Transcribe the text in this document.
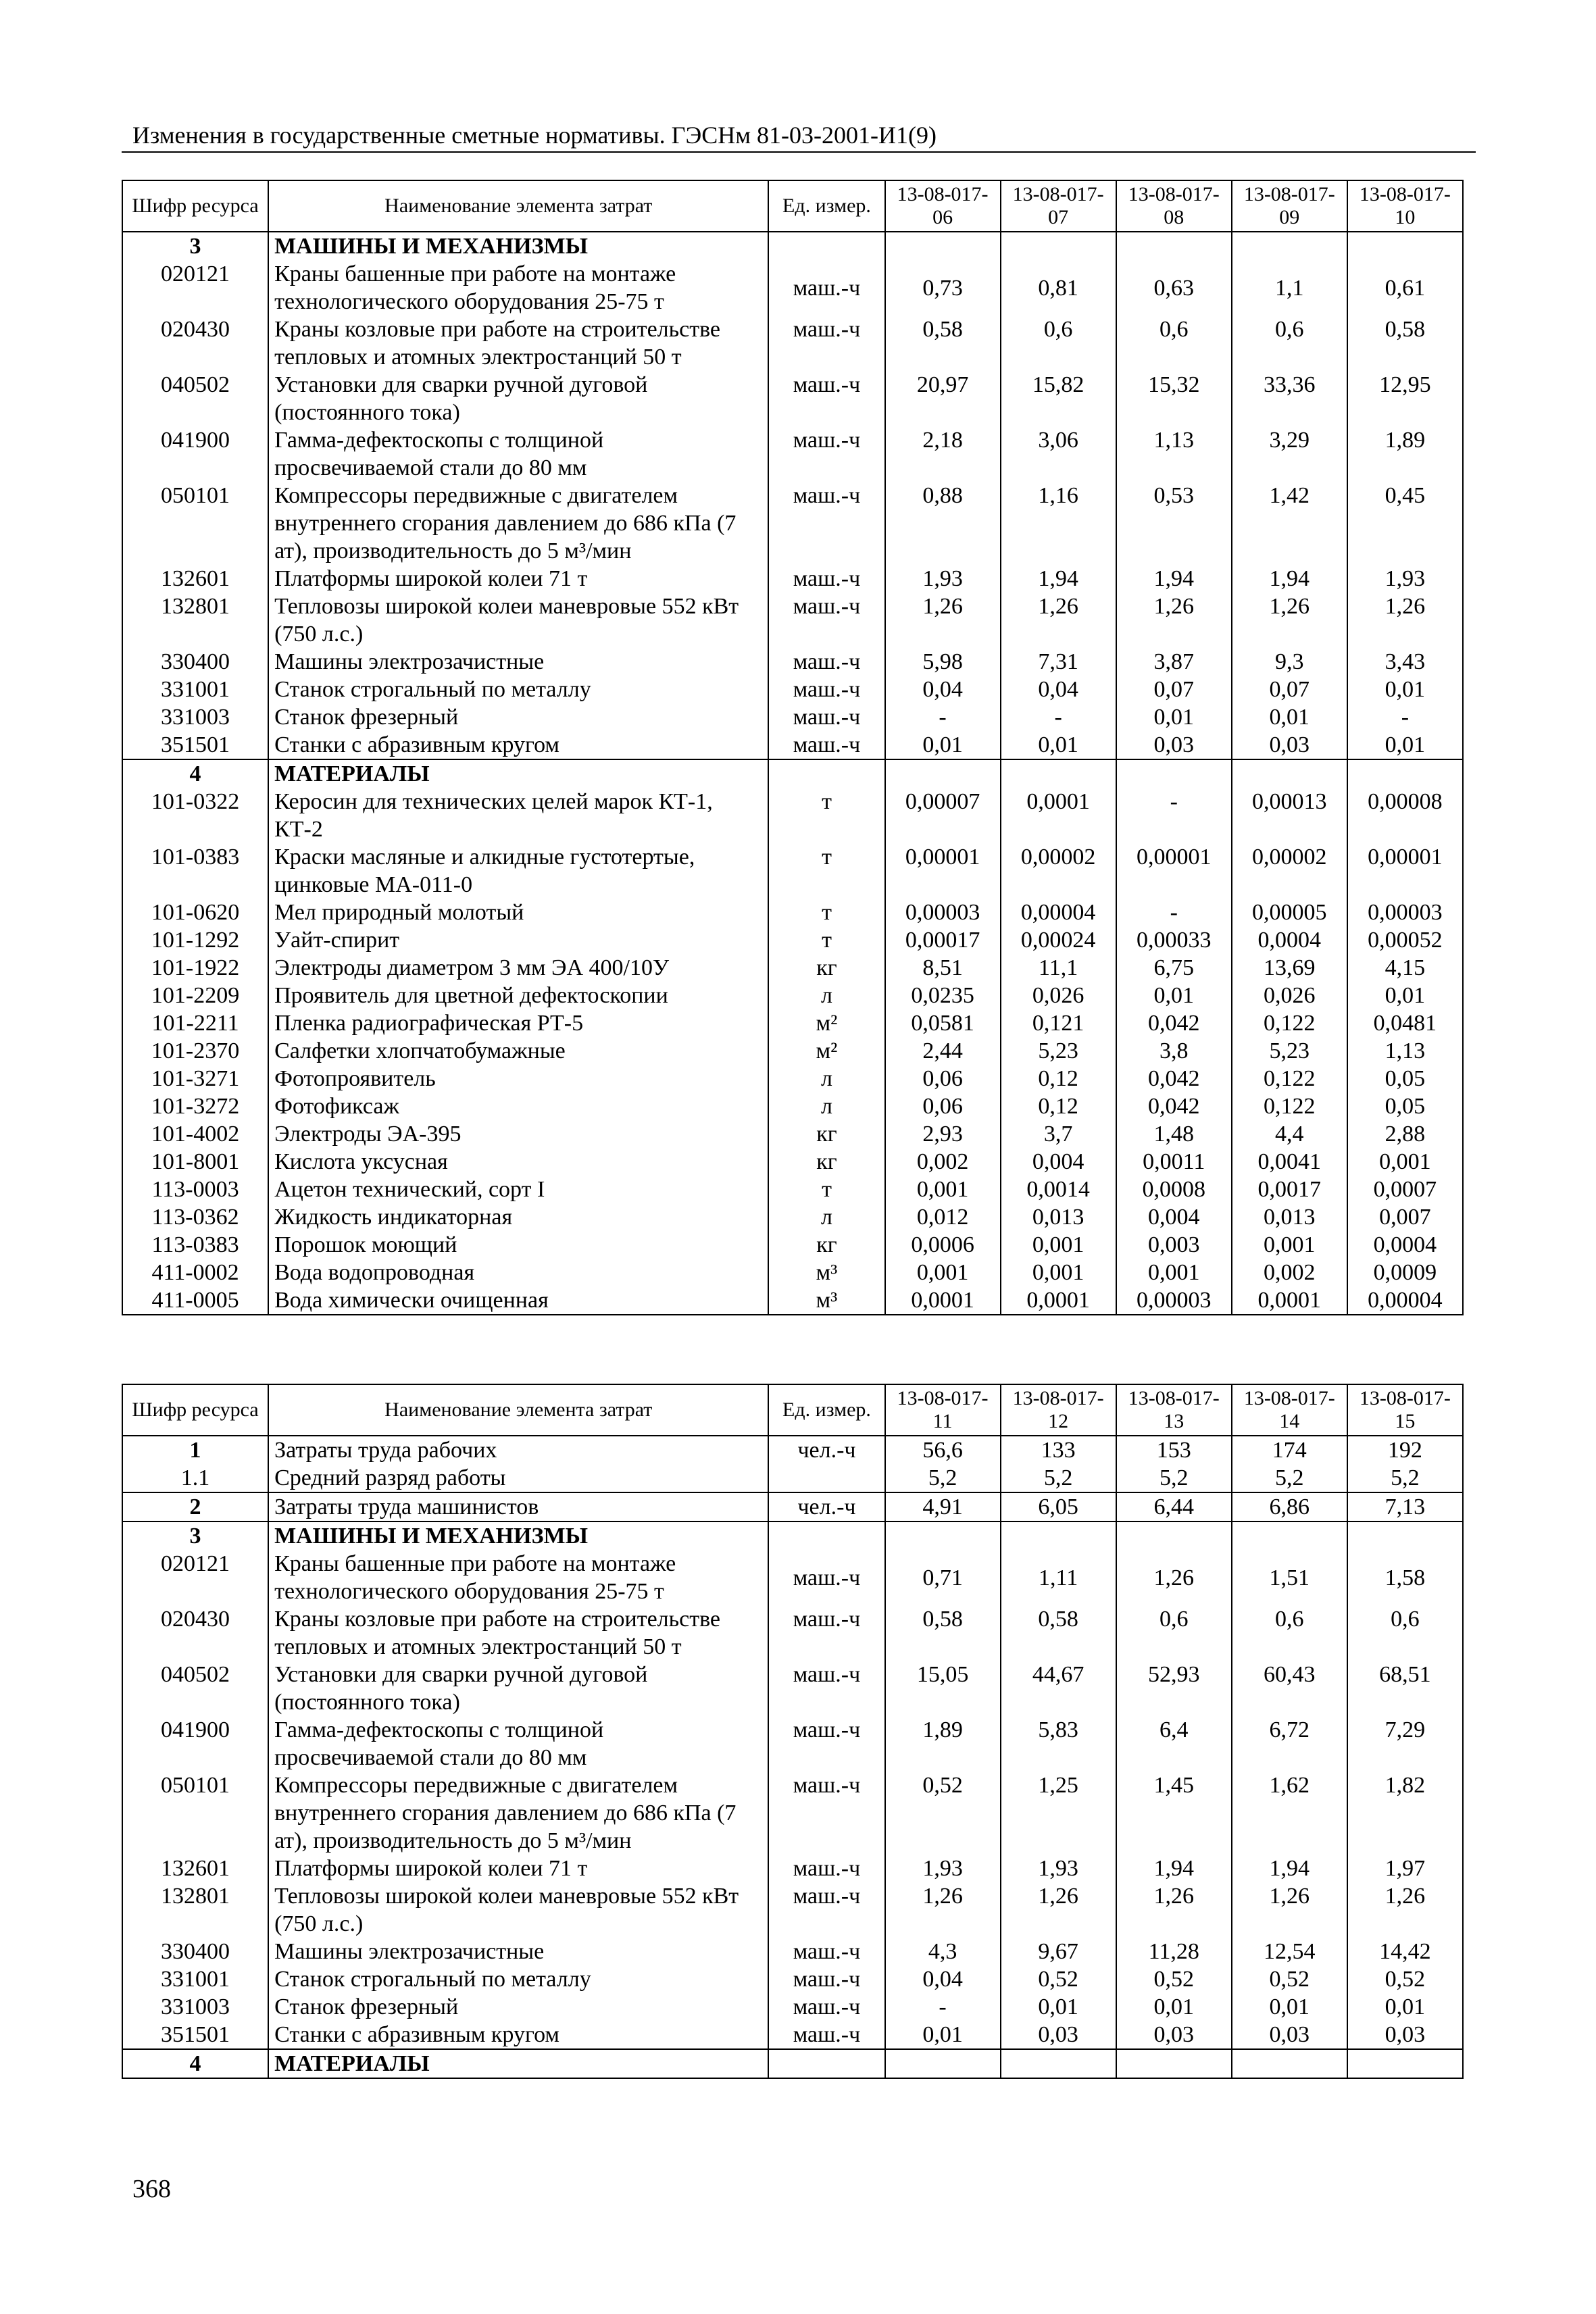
Изменения в государственные сметные нормативы. ГЭСНм 81-03-2001-И1(9)
Шифр ресурса	Наименование элемента затрат	Ед. измер.	13-08-017-06	13-08-017-07	13-08-017-08	13-08-017-09	13-08-017-10
3	МАШИНЫ И МЕХАНИЗМЫ						
020121	Краны башенные при работе на монтаже технологического оборудования 25-75 т	маш.-ч	0,73	0,81	0,63	1,1	0,61
020430	Краны козловые при работе на строительстве тепловых и атомных электростанций 50 т	маш.-ч	0,58	0,6	0,6	0,6	0,58
040502	Установки для сварки ручной дуговой (постоянного тока)	маш.-ч	20,97	15,82	15,32	33,36	12,95
041900	Гамма-дефектоскопы с толщиной просвечиваемой стали до 80 мм	маш.-ч	2,18	3,06	1,13	3,29	1,89
050101	Компрессоры передвижные с двигателем внутреннего сгорания давлением до 686 кПа (7 ат), производительность до 5 м³/мин	маш.-ч	0,88	1,16	0,53	1,42	0,45
132601	Платформы широкой колеи 71 т	маш.-ч	1,93	1,94	1,94	1,94	1,93
132801	Тепловозы широкой колеи маневровые 552 кВт (750 л.с.)	маш.-ч	1,26	1,26	1,26	1,26	1,26
330400	Машины электрозачистные	маш.-ч	5,98	7,31	3,87	9,3	3,43
331001	Станок строгальный по металлу	маш.-ч	0,04	0,04	0,07	0,07	0,01
331003	Станок фрезерный	маш.-ч	-	-	0,01	0,01	-
351501	Станки с абразивным кругом	маш.-ч	0,01	0,01	0,03	0,03	0,01
4	МАТЕРИАЛЫ						
101-0322	Керосин для технических целей марок КТ-1, КТ-2	т	0,00007	0,0001	-	0,00013	0,00008
101-0383	Краски масляные и алкидные густотертые, цинковые МА-011-0	т	0,00001	0,00002	0,00001	0,00002	0,00001
101-0620	Мел природный молотый	т	0,00003	0,00004	-	0,00005	0,00003
101-1292	Уайт-спирит	т	0,00017	0,00024	0,00033	0,0004	0,00052
101-1922	Электроды диаметром 3 мм ЭА 400/10У	кг	8,51	11,1	6,75	13,69	4,15
101-2209	Проявитель для цветной дефектоскопии	л	0,0235	0,026	0,01	0,026	0,01
101-2211	Пленка радиографическая РТ-5	м²	0,0581	0,121	0,042	0,122	0,0481
101-2370	Салфетки хлопчатобумажные	м²	2,44	5,23	3,8	5,23	1,13
101-3271	Фотопроявитель	л	0,06	0,12	0,042	0,122	0,05
101-3272	Фотофиксаж	л	0,06	0,12	0,042	0,122	0,05
101-4002	Электроды ЭА-395	кг	2,93	3,7	1,48	4,4	2,88
101-8001	Кислота уксусная	кг	0,002	0,004	0,0011	0,0041	0,001
113-0003	Ацетон технический, сорт I	т	0,001	0,0014	0,0008	0,0017	0,0007
113-0362	Жидкость индикаторная	л	0,012	0,013	0,004	0,013	0,007
113-0383	Порошок моющий	кг	0,0006	0,001	0,003	0,001	0,0004
411-0002	Вода водопроводная	м³	0,001	0,001	0,001	0,002	0,0009
411-0005	Вода химически очищенная	м³	0,0001	0,0001	0,00003	0,0001	0,00004
Шифр ресурса	Наименование элемента затрат	Ед. измер.	13-08-017-11	13-08-017-12	13-08-017-13	13-08-017-14	13-08-017-15
1	Затраты труда рабочих	чел.-ч	56,6	133	153	174	192
1.1	Средний разряд работы		5,2	5,2	5,2	5,2	5,2
2	Затраты труда машинистов	чел.-ч	4,91	6,05	6,44	6,86	7,13
3	МАШИНЫ И МЕХАНИЗМЫ						
020121	Краны башенные при работе на монтаже технологического оборудования 25-75 т	маш.-ч	0,71	1,11	1,26	1,51	1,58
020430	Краны козловые при работе на строительстве тепловых и атомных электростанций 50 т	маш.-ч	0,58	0,58	0,6	0,6	0,6
040502	Установки для сварки ручной дуговой (постоянного тока)	маш.-ч	15,05	44,67	52,93	60,43	68,51
041900	Гамма-дефектоскопы с толщиной просвечиваемой стали до 80 мм	маш.-ч	1,89	5,83	6,4	6,72	7,29
050101	Компрессоры передвижные с двигателем внутреннего сгорания давлением до 686 кПа (7 ат), производительность до 5 м³/мин	маш.-ч	0,52	1,25	1,45	1,62	1,82
132601	Платформы широкой колеи 71 т	маш.-ч	1,93	1,93	1,94	1,94	1,97
132801	Тепловозы широкой колеи маневровые 552 кВт (750 л.с.)	маш.-ч	1,26	1,26	1,26	1,26	1,26
330400	Машины электрозачистные	маш.-ч	4,3	9,67	11,28	12,54	14,42
331001	Станок строгальный по металлу	маш.-ч	0,04	0,52	0,52	0,52	0,52
331003	Станок фрезерный	маш.-ч	-	0,01	0,01	0,01	0,01
351501	Станки с абразивным кругом	маш.-ч	0,01	0,03	0,03	0,03	0,03
4	МАТЕРИАЛЫ						
368
